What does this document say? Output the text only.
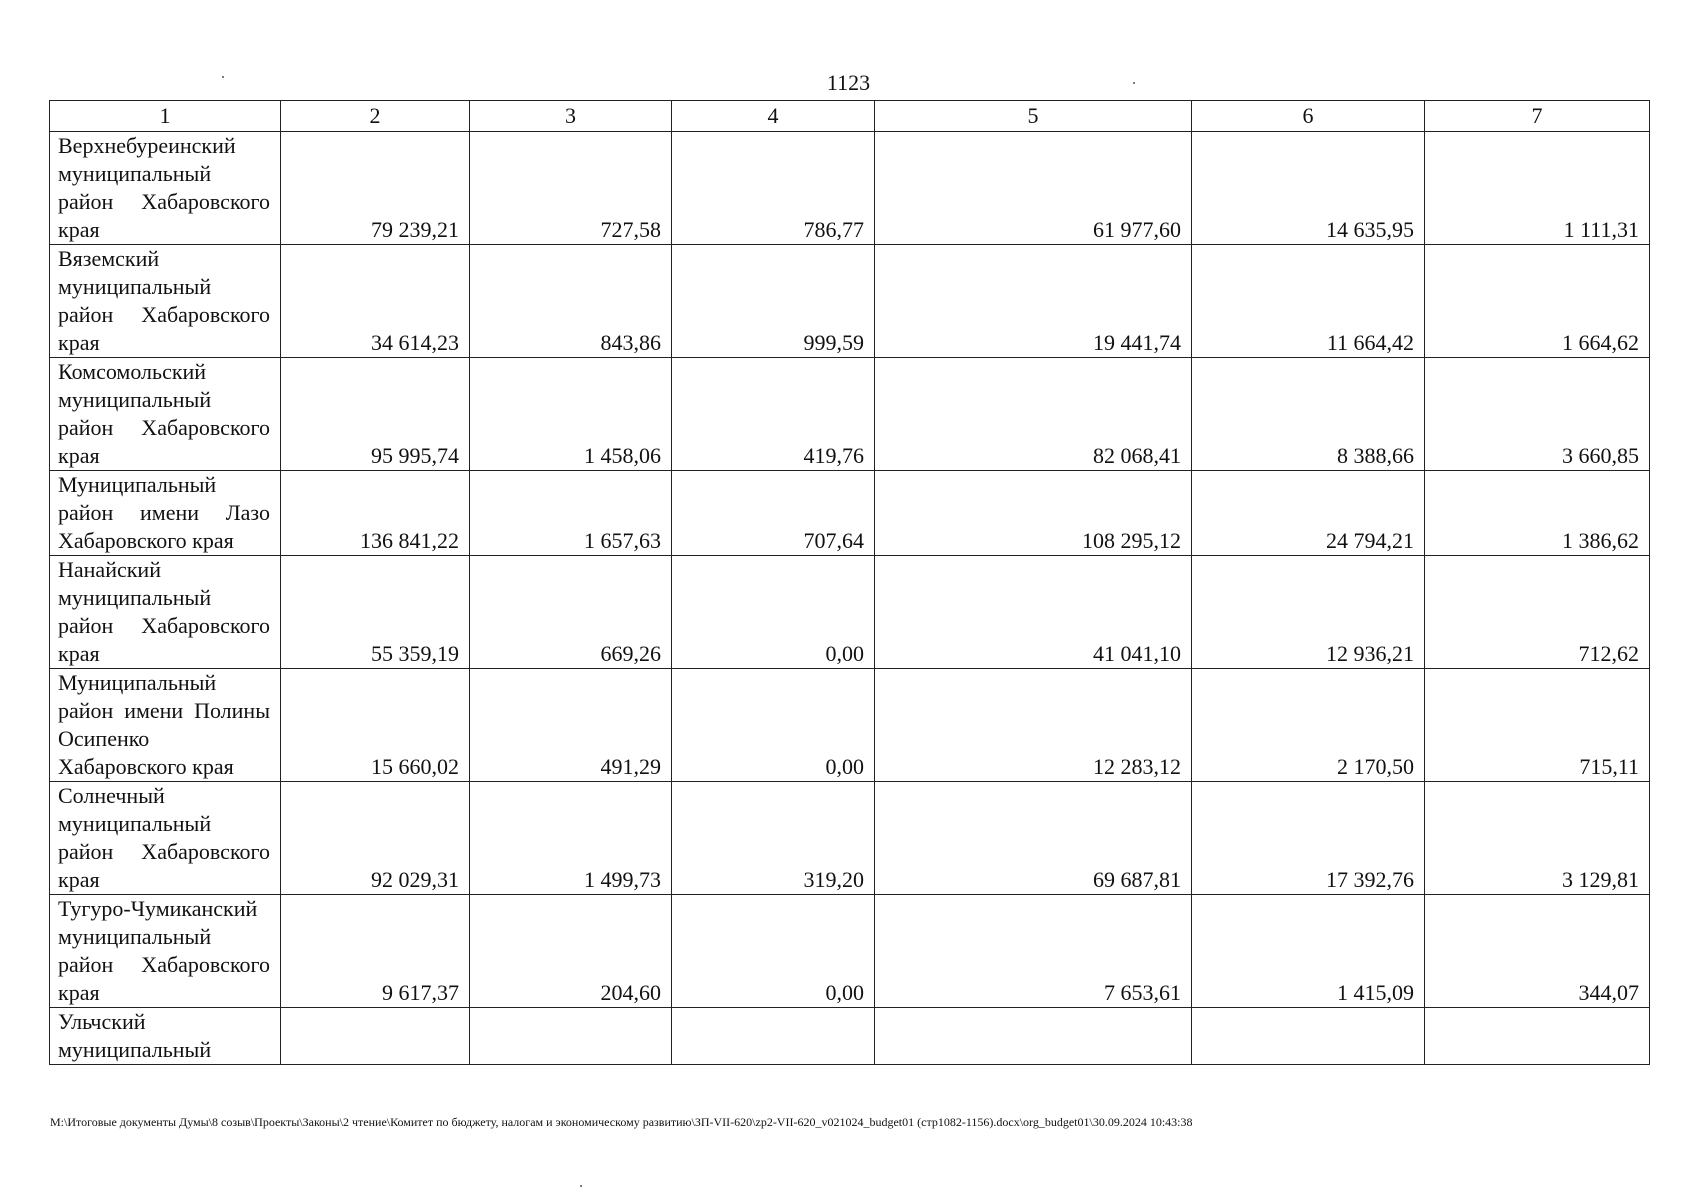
1123
1	2	3	4	5	6	7
Верхнебуреинский муниципальный район Хабаровского края	79 239,21	727,58	786,77	61 977,60	14 635,95	1 111,31
Вяземский муниципальный район Хабаровского края	34 614,23	843,86	999,59	19 441,74	11 664,42	1 664,62
Комсомольский муниципальный район Хабаровского края	95 995,74	1 458,06	419,76	82 068,41	8 388,66	3 660,85
Муниципальный район имени Лазо Хабаровского края	136 841,22	1 657,63	707,64	108 295,12	24 794,21	1 386,62
Нанайский муниципальный район Хабаровского края	55 359,19	669,26	0,00	41 041,10	12 936,21	712,62
Муниципальный район имени Полины Осипенко Хабаровского края	15 660,02	491,29	0,00	12 283,12	2 170,50	715,11
Солнечный муниципальный район Хабаровского края	92 029,31	1 499,73	319,20	69 687,81	17 392,76	3 129,81
Тугуро-Чумиканский муниципальный район Хабаровского края	9 617,37	204,60	0,00	7 653,61	1 415,09	344,07
Ульчский муниципальный						
M:\Итоговые документы Думы\8 созыв\Проекты\Законы\2 чтение\Комитет по бюджету, налогам и экономическому развитию\ЗП-VII-620\zp2-VII-620_v021024_budget01 (стр1082-1156).docx\org_budget01\30.09.2024 10:43:38
